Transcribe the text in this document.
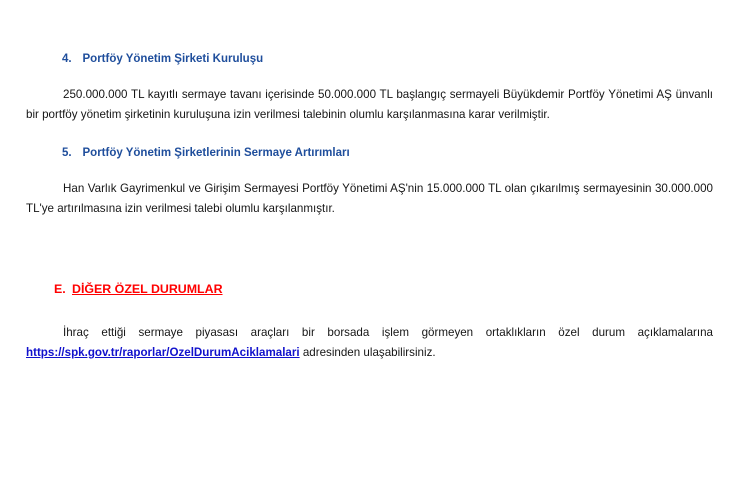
4. Portföy Yönetim Şirketi Kuruluşu

250.000.000 TL kayıtlı sermaye tavanı içerisinde 50.000.000 TL başlangıç sermayeli Büyükdemir Portföy Yönetimi AŞ ünvanlı bir portföy yönetim şirketinin kuruluşuna izin verilmesi talebinin olumlu karşılanmasına karar verilmiştir.

5. Portföy Yönetim Şirketlerinin Sermaye Artırımları

Han Varlık Gayrimenkul ve Girişim Sermayesi Portföy Yönetimi AŞ'nin 15.000.000 TL olan çıkarılmış sermayesinin 30.000.000 TL'ye artırılmasına izin verilmesi talebi olumlu karşılanmıştır.

E. DİĞER ÖZEL DURUMLAR

İhraç ettiği sermaye piyasası araçları bir borsada işlem görmeyen ortaklıkların özel durum açıklamalarına https://spk.gov.tr/raporlar/OzelDurumAciklamalari adresinden ulaşabilirsiniz.
